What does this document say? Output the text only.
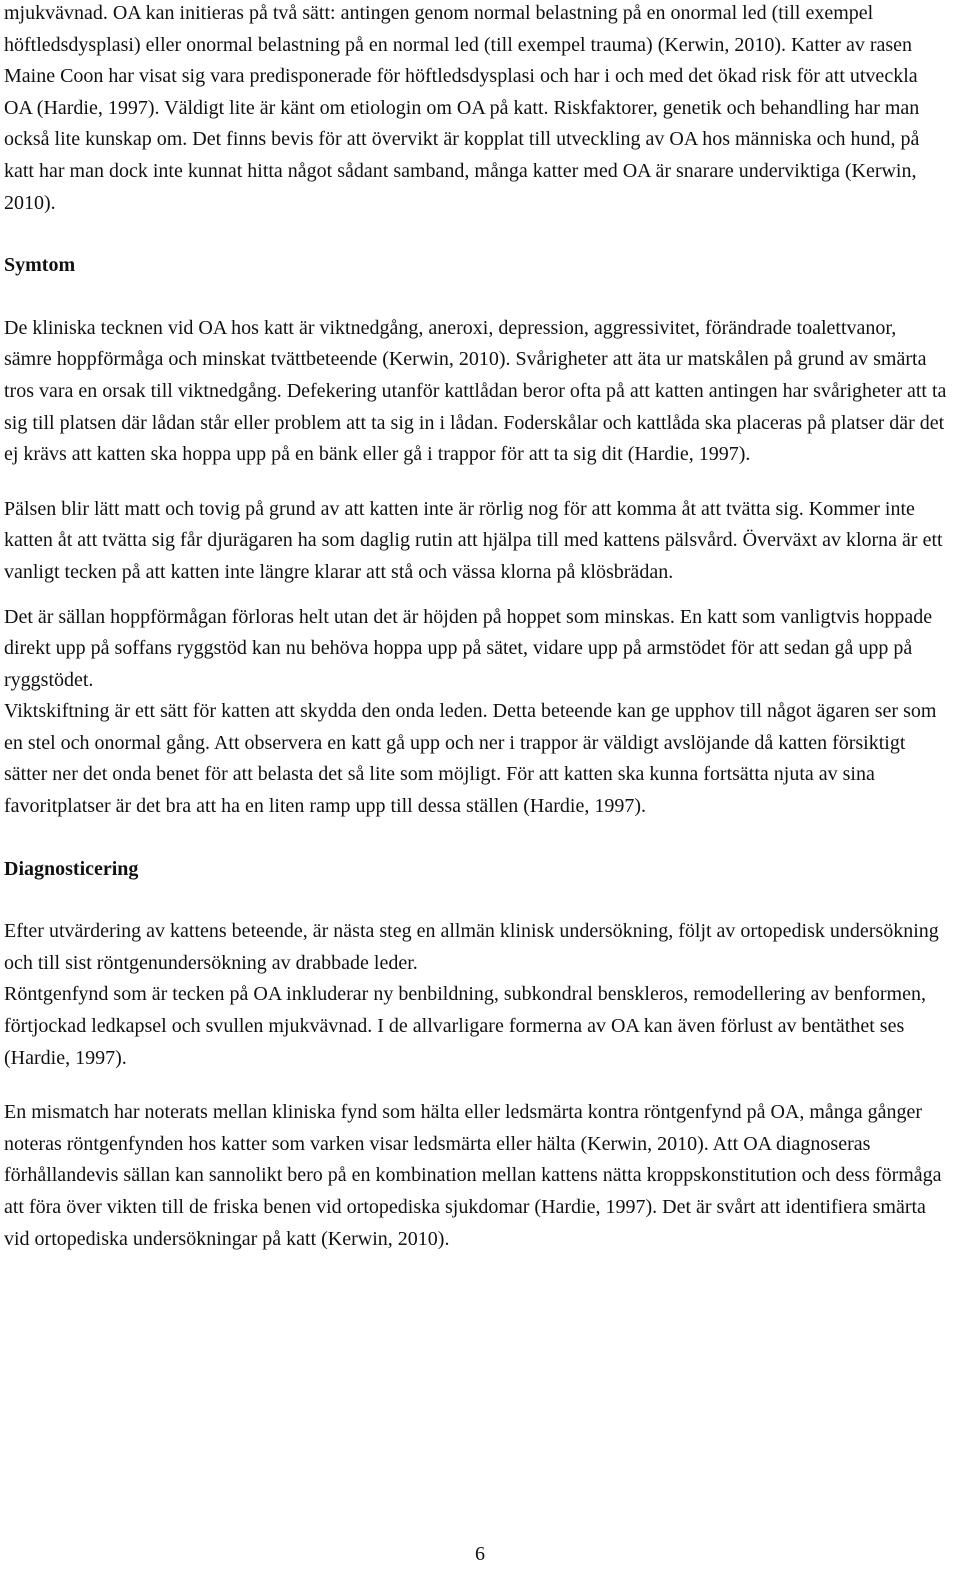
mjukvävnad. OA kan initieras på två sätt: antingen genom normal belastning på en onormal led (till exempel höftledsdysplasi) eller onormal belastning på en normal led (till exempel trauma) (Kerwin, 2010). Katter av rasen Maine Coon har visat sig vara predisponerade för höftledsdysplasi och har i och med det ökad risk för att utveckla OA (Hardie, 1997). Väldigt lite är känt om etiologin om OA på katt. Riskfaktorer, genetik och behandling har man också lite kunskap om. Det finns bevis för att övervikt är kopplat till utveckling av OA hos människa och hund, på katt har man dock inte kunnat hitta något sådant samband, många katter med OA är snarare underviktiga (Kerwin, 2010).

Symtom

De kliniska tecknen vid OA hos katt är viktnedgång, aneroxi, depression, aggressivitet, förändrade toalettvanor, sämre hoppförmåga och minskat tvättbeteende (Kerwin, 2010). Svårigheter att äta ur matskålen på grund av smärta tros vara en orsak till viktnedgång. Defekering utanför kattlådan beror ofta på att katten antingen har svårigheter att ta sig till platsen där lådan står eller problem att ta sig in i lådan. Foderskålar och kattlåda ska placeras på platser där det ej krävs att katten ska hoppa upp på en bänk eller gå i trappor för att ta sig dit (Hardie, 1997).

Pälsen blir lätt matt och tovig på grund av att katten inte är rörlig nog för att komma åt att tvätta sig. Kommer inte katten åt att tvätta sig får djurägaren ha som daglig rutin att hjälpa till med kattens pälsvård. Överväxt av klorna är ett vanligt tecken på att katten inte längre klarar att stå och vässa klorna på klösbrädan.

Det är sällan hoppförmågan förloras helt utan det är höjden på hoppet som minskas. En katt som vanligtvis hoppade direkt upp på soffans ryggstöd kan nu behöva hoppa upp på sätet, vidare upp på armstödet för att sedan gå upp på ryggstödet.

Viktskiftning är ett sätt för katten att skydda den onda leden. Detta beteende kan ge upphov till något ägaren ser som en stel och onormal gång. Att observera en katt gå upp och ner i trappor är väldigt avslöjande då katten försiktigt sätter ner det onda benet för att belasta det så lite som möjligt. För att katten ska kunna fortsätta njuta av sina favoritplatser är det bra att ha en liten ramp upp till dessa ställen (Hardie, 1997).

Diagnosticering

Efter utvärdering av kattens beteende, är nästa steg en allmän klinisk undersökning, följt av ortopedisk undersökning och till sist röntgenundersökning av drabbade leder.

Röntgenfynd som är tecken på OA inkluderar ny benbildning, subkondral benskleros, remodellering av benformen, förtjockad ledkapsel och svullen mjukvävnad. I de allvarligare formerna av OA kan även förlust av bentäthet ses (Hardie, 1997).

En mismatch har noterats mellan kliniska fynd som hälta eller ledsmärta kontra röntgenfynd på OA, många gånger noteras röntgenfynden hos katter som varken visar ledsmärta eller hälta (Kerwin, 2010). Att OA diagnoseras förhållandevis sällan kan sannolikt bero på en kombination mellan kattens nätta kroppskonstitution och dess förmåga att föra över vikten till de friska benen vid ortopediska sjukdomar (Hardie, 1997). Det är svårt att identifiera smärta vid ortopediska undersökningar på katt (Kerwin, 2010).

6
